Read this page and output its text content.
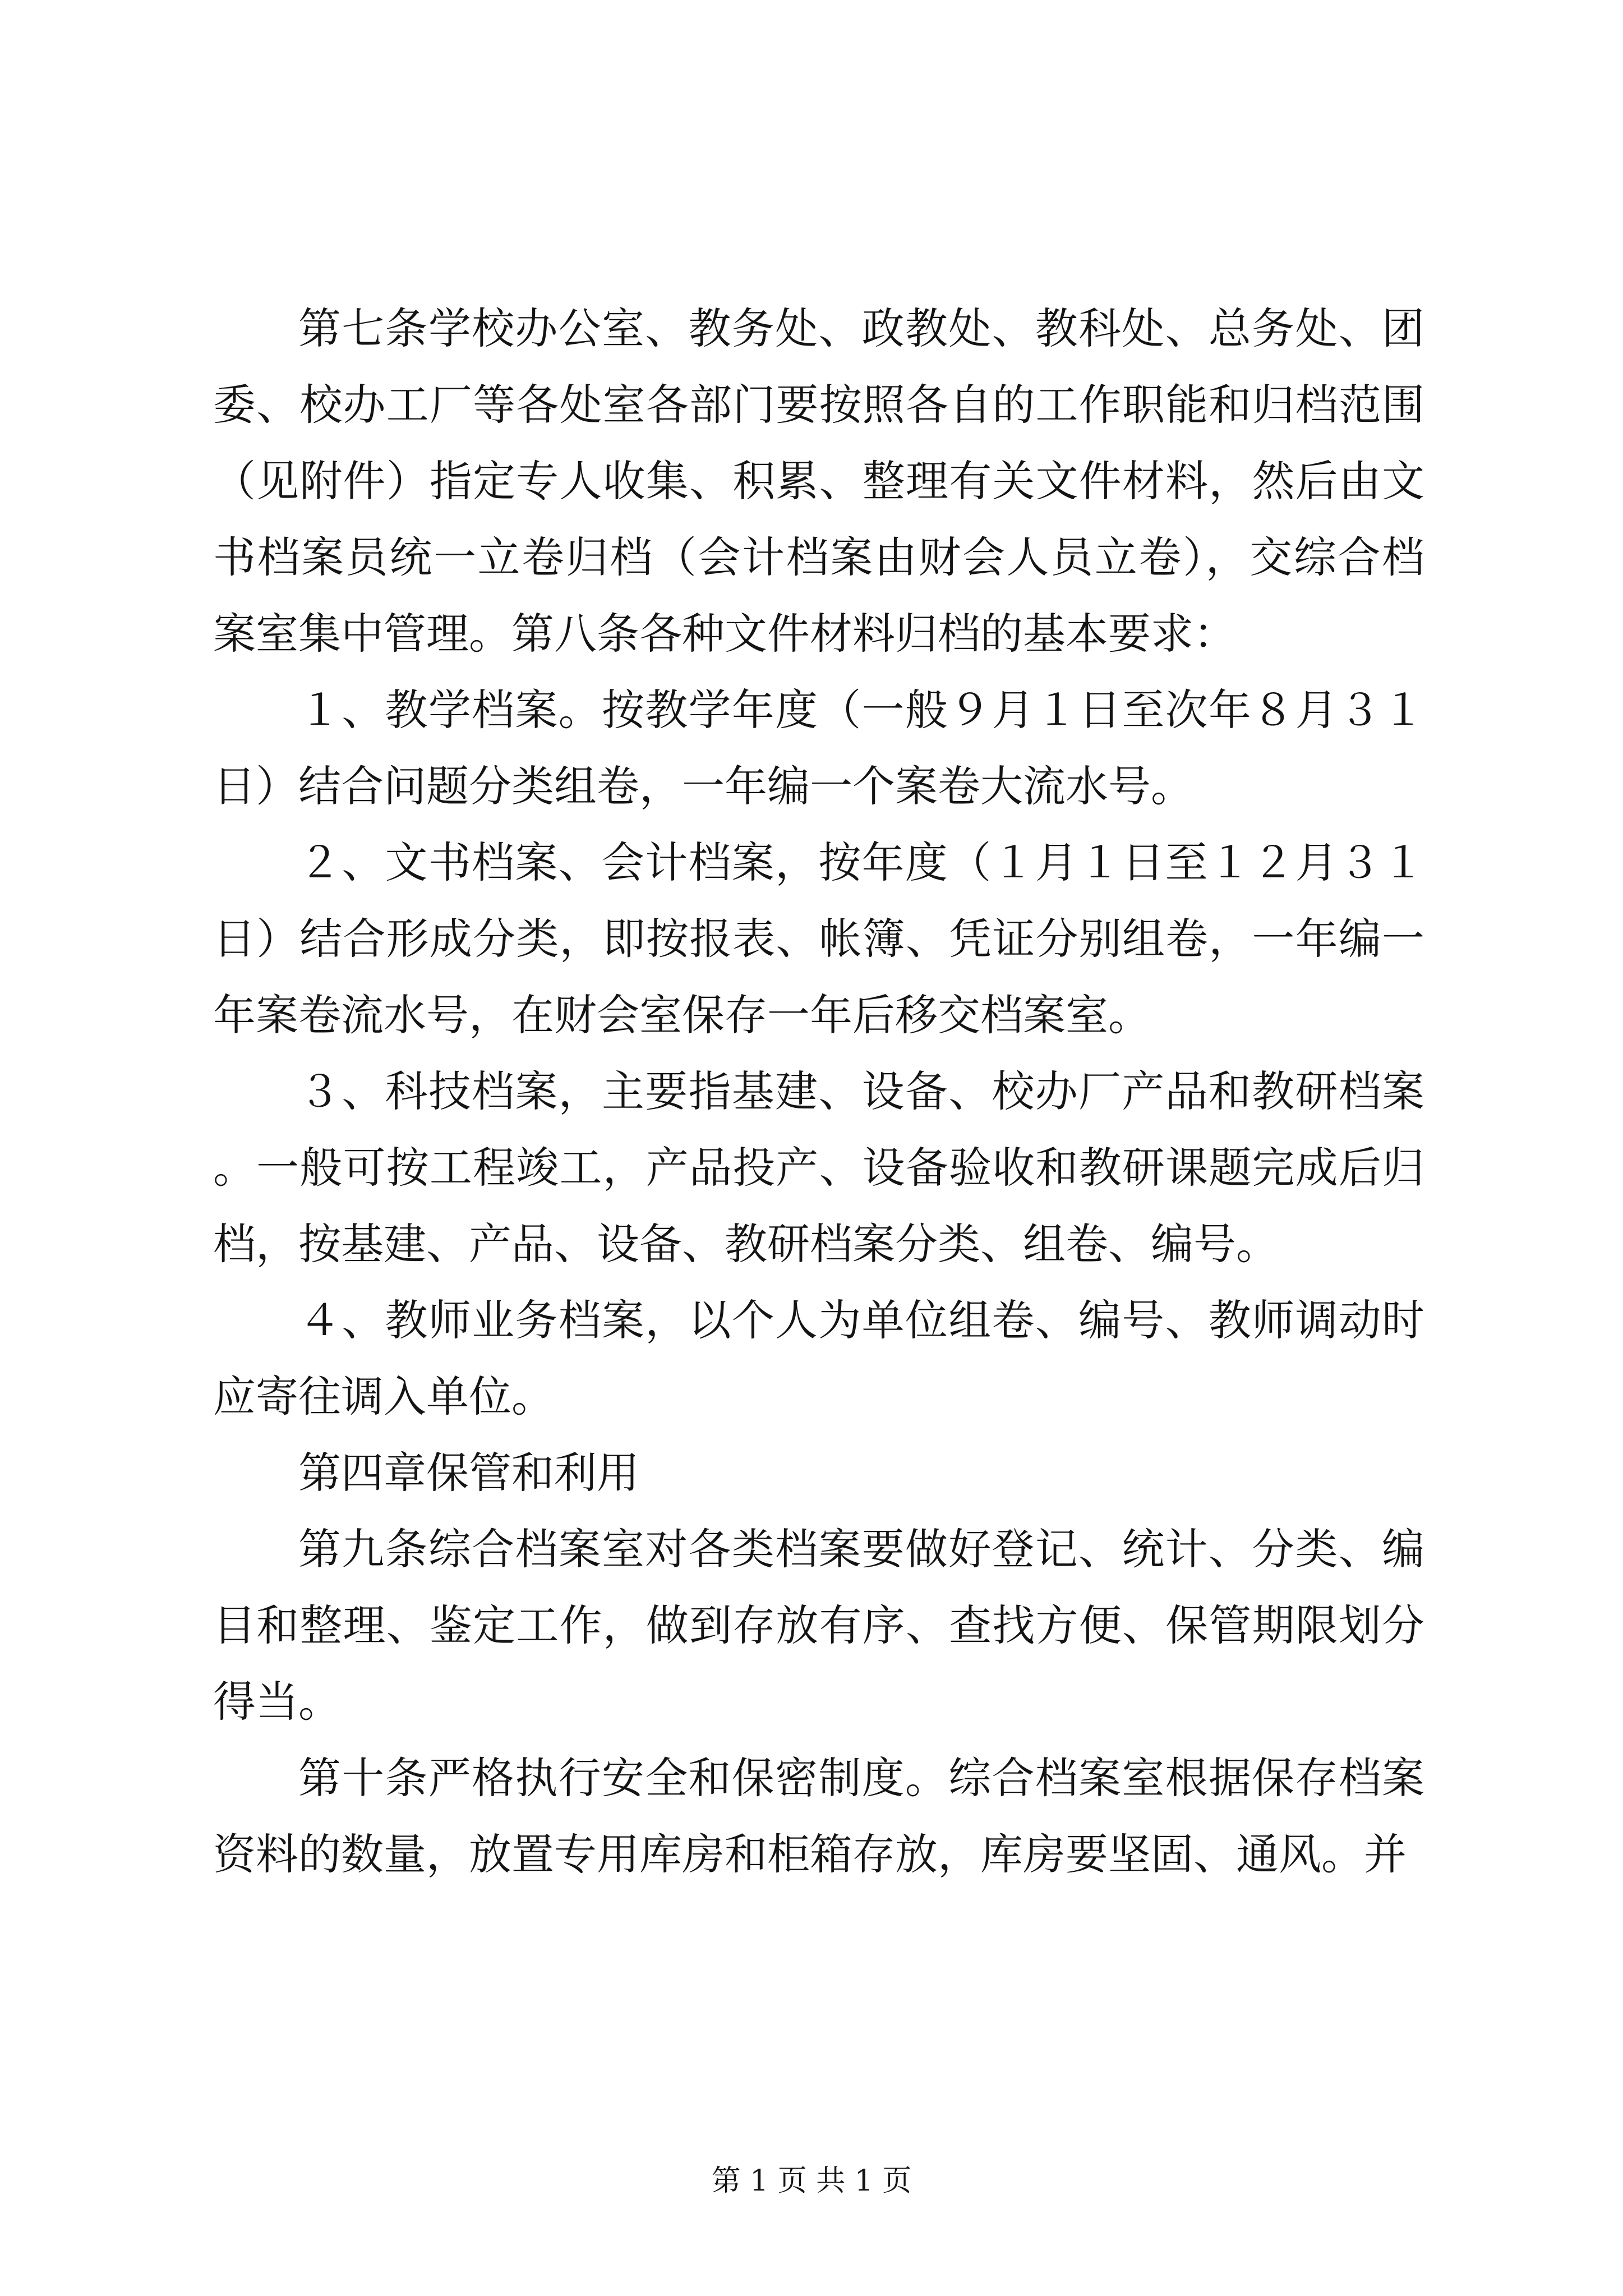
第七条学校办公室、教务处、政教处、教科处、总务处、团委、校办工厂等各处室各部门要按照各自的工作职能和归档范围（见附件）指定专人收集、积累、整理有关文件材料，然后由文书档案员统一立卷归档（会计档案由财会人员立卷），交综合档案室集中管理。第八条各种文件材料归档的基本要求：

１、教学档案。按教学年度（一般９月１日至次年８月３１日）结合问题分类组卷，一年编一个案卷大流水号。

２、文书档案、会计档案，按年度（１月１日至１２月３１日）结合形成分类，即按报表、帐簿、凭证分别组卷，一年编一年案卷流水号，在财会室保存一年后移交档案室。

３、科技档案，主要指基建、设备、校办厂产品和教研档案。一般可按工程竣工，产品投产、设备验收和教研课题完成后归档，按基建、产品、设备、教研档案分类、组卷、编号。

４、教师业务档案，以个人为单位组卷、编号、教师调动时应寄往调入单位。

第四章保管和利用

第九条综合档案室对各类档案要做好登记、统计、分类、编目和整理、鉴定工作，做到存放有序、查找方便、保管期限划分得当。

第十条严格执行安全和保密制度。综合档案室根据保存档案资料的数量，放置专用库房和柜箱存放，库房要坚固、通风。并

第 1 页 共 1 页
